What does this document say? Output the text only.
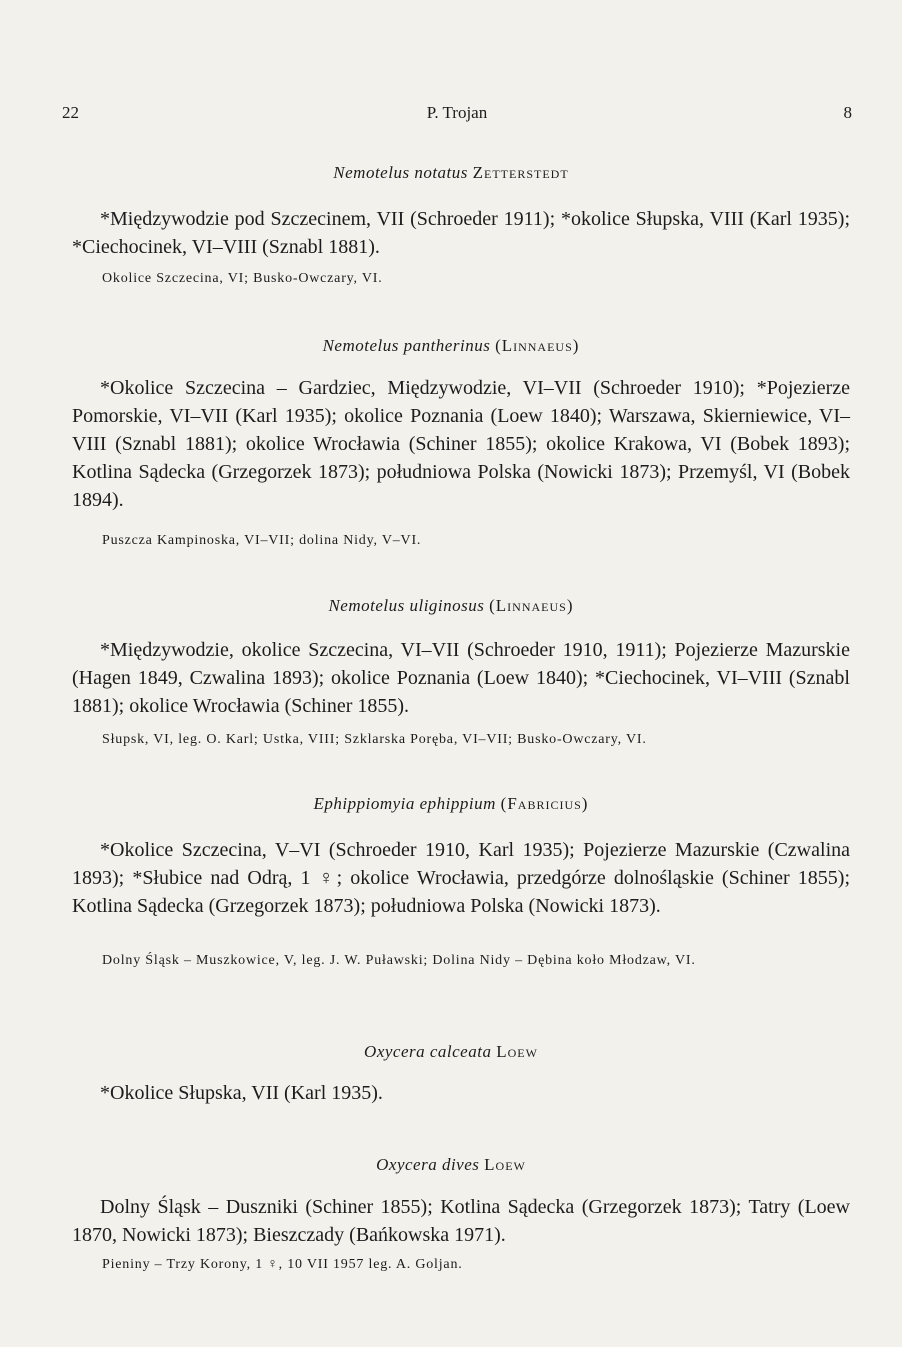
22	P. Trojan	8
Nemotelus notatus Zetterstedt
*Międzywodzie pod Szczecinem, VII (Schroeder 1911); *okolice Słupska, VIII (Karl 1935); *Ciechocinek, VI–VIII (Sznabl 1881).
Okolice Szczecina, VI; Busko-Owczary, VI.
Nemotelus pantherinus (Linnaeus)
*Okolice Szczecina – Gardziec, Międzywodzie, VI–VII (Schroeder 1910); *Pojezierze Pomorskie, VI–VII (Karl 1935); okolice Poznania (Loew 1840); Warszawa, Skierniewice, VI–VIII (Sznabl 1881); okolice Wrocławia (Schiner 1855); okolice Krakowa, VI (Bobek 1893); Kotlina Sądecka (Grzegorzek 1873); południowa Polska (Nowicki 1873); Przemyśl, VI (Bobek 1894).
Puszcza Kampinoska, VI–VII; dolina Nidy, V–VI.
Nemotelus uliginosus (Linnaeus)
*Międzywodzie, okolice Szczecina, VI–VII (Schroeder 1910, 1911); Pojezierze Mazurskie (Hagen 1849, Czwalina 1893); okolice Poznania (Loew 1840); *Ciechocinek, VI–VIII (Sznabl 1881); okolice Wrocławia (Schiner 1855).
Słupsk, VI, leg. O. Karl; Ustka, VIII; Szklarska Poręba, VI–VII; Busko-Owczary, VI.
Ephippiomyia ephippium (Fabricius)
*Okolice Szczecina, V–VI (Schroeder 1910, Karl 1935); Pojezierze Mazurskie (Czwalina 1893); *Słubice nad Odrą, 1 ♀; okolice Wrocławia, przedgórze dolnośląskie (Schiner 1855); Kotlina Sądecka (Grzegorzek 1873); południowa Polska (Nowicki 1873).
Dolny Śląsk – Muszkowice, V, leg. J. W. Puławski; Dolina Nidy – Dębina koło Młodzaw, VI.
Oxycera calceata Loew
*Okolice Słupska, VII (Karl 1935).
Oxycera dives Loew
Dolny Śląsk – Duszniki (Schiner 1855); Kotlina Sądecka (Grzegorzek 1873); Tatry (Loew 1870, Nowicki 1873); Bieszczady (Bańkowska 1971).
Pieniny – Trzy Korony, 1 ♀, 10 VII 1957 leg. A. Goljan.
